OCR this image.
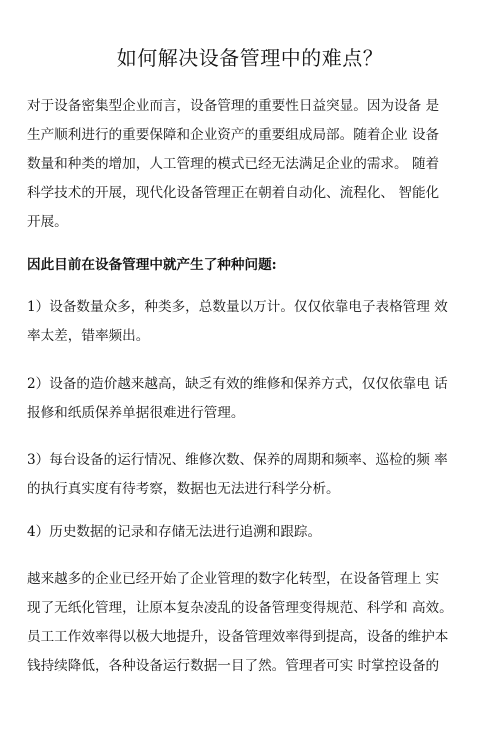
如何解决设备管理中的难点？

对于设备密集型企业而言，设备管理的重要性日益突显。因为设备 是

生产顺利进行的重要保障和企业资产的重要组成局部。随着企业 设备

数量和种类的增加，人工管理的模式已经无法满足企业的需求。 随着

科学技术的开展，现代化设备管理正在朝着自动化、流程化、 智能化

开展。

因此目前在设备管理中就产生了种种问题:

1）设备数量众多，种类多，总数量以万计。仅仅依靠电子表格管理 效

率太差，错率频出。

2）设备的造价越来越高，缺乏有效的维修和保养方式，仅仅依靠电 话

报修和纸质保养单据很难进行管理。

3）每台设备的运行情况、维修次数、保养的周期和频率、巡检的频 率

的执行真实度有待考察，数据也无法进行科学分析。

4）历史数据的记录和存储无法进行追溯和跟踪。

越来越多的企业已经开始了企业管理的数字化转型，在设备管理上 实

现了无纸化管理，让原本复杂凌乱的设备管理变得规范、科学和 高效。

员工工作效率得以极大地提升，设备管理效率得到提高，设备的维护本

钱持续降低，各种设备运行数据一目了然。管理者可实 时掌控设备的
